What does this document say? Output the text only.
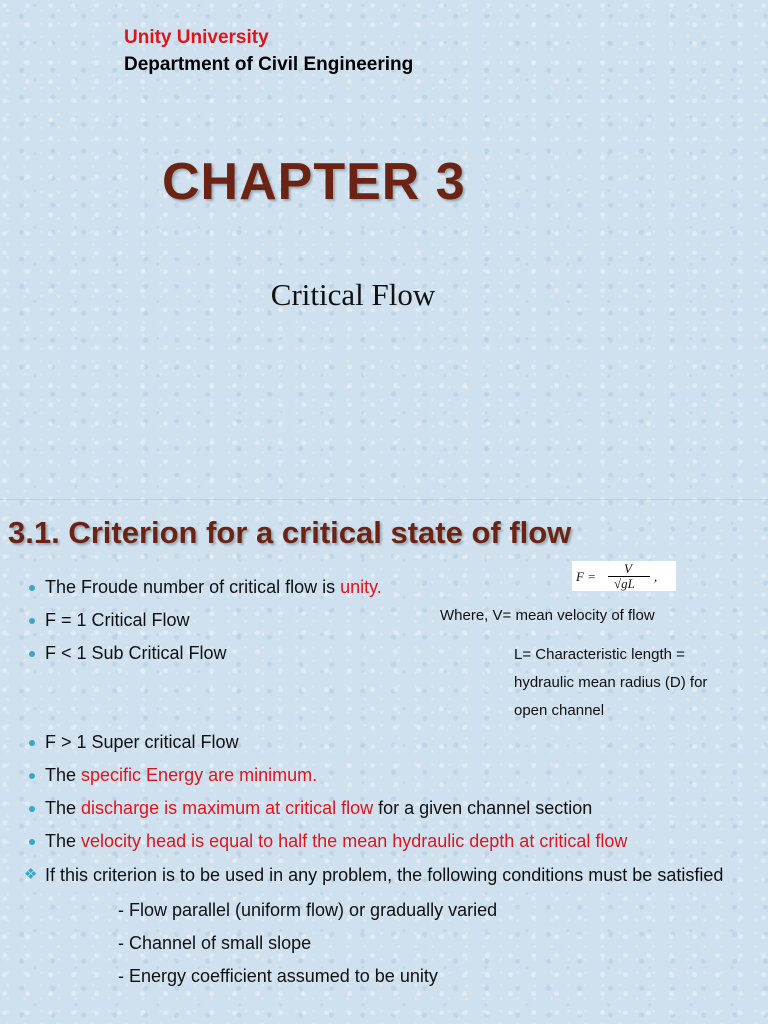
Unity University
Department of Civil Engineering
CHAPTER 3
Critical Flow
3.1. Criterion for a critical state of flow
F =
V
√gL ,
Where, V= mean velocity of flow
L= Characteristic length =
hydraulic mean radius (D) for
open channel
The Froude number of critical flow is unity.
F = 1 Critical Flow
F < 1 Sub Critical Flow
F > 1 Super critical Flow
The specific Energy are minimum.
The discharge is maximum at critical flow for a given channel section
The velocity head is equal to half the mean hydraulic depth at critical flow
❖ If this criterion is to be used in any problem, the following conditions must be satisfied
- Flow parallel (uniform flow) or gradually varied
- Channel of small slope
- Energy coefficient assumed to be unity
